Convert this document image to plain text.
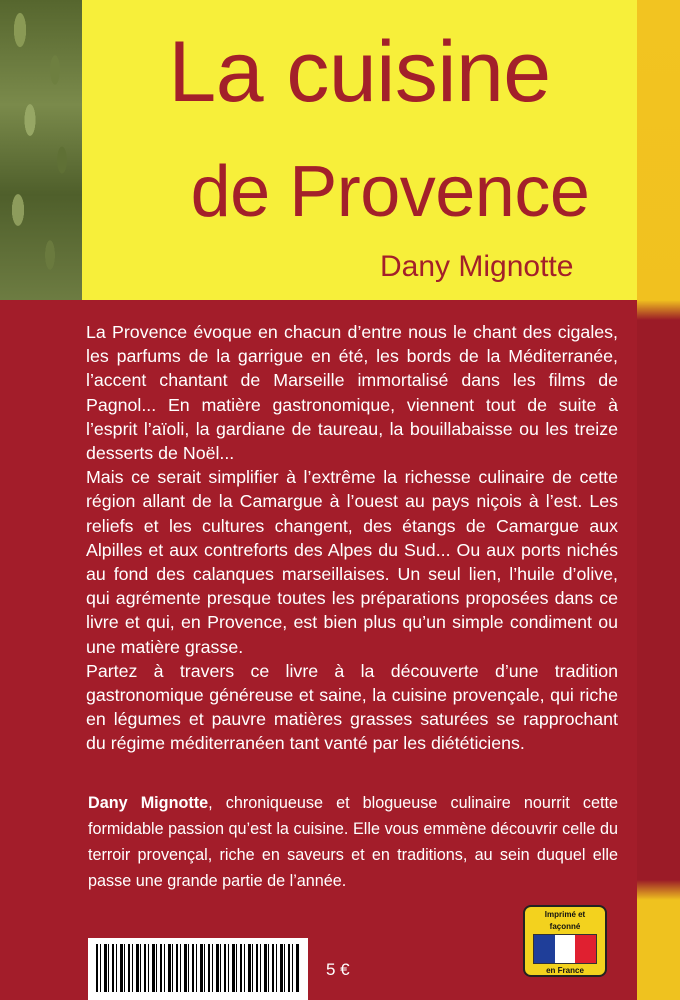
La cuisine
de Provence

Dany Mignotte

La Provence évoque en chacun d’entre nous le chant des cigales, les parfums de la garrigue en été, les bords de la Méditerranée, l’accent chantant de Marseille immortalisé dans les films de Pagnol... En matière gastronomique, viennent tout de suite à l’esprit l’aïoli, la gardiane de taureau, la bouillabaisse ou les treize desserts de Noël...

Mais ce serait simplifier à l’extrême la richesse culinaire de cette région allant de la Camargue à l’ouest au pays niçois à l’est. Les reliefs et les cultures changent, des étangs de Camargue aux Alpilles et aux contreforts des Alpes du Sud... Ou aux ports nichés au fond des calanques marseillaises. Un seul lien, l’huile d’olive, qui agrémente presque toutes les préparations proposées dans ce livre et qui, en Provence, est bien plus qu’un simple condiment ou une matière grasse.

Partez à travers ce livre à la découverte d’une tradition gastronomique généreuse et saine, la cuisine provençale, qui riche en légumes et pauvre matières grasses saturées se rapprochant du régime méditerranéen tant vanté par les diététiciens.

Dany Mignotte, chroniqueuse et blogueuse culinaire nourrit cette formidable passion qu’est la cuisine. Elle vous emmène découvrir celle du terroir provençal, riche en saveurs et en traditions, au sein duquel elle passe une grande partie de l’année.

5 €

Imprimé et
façonné
en France
